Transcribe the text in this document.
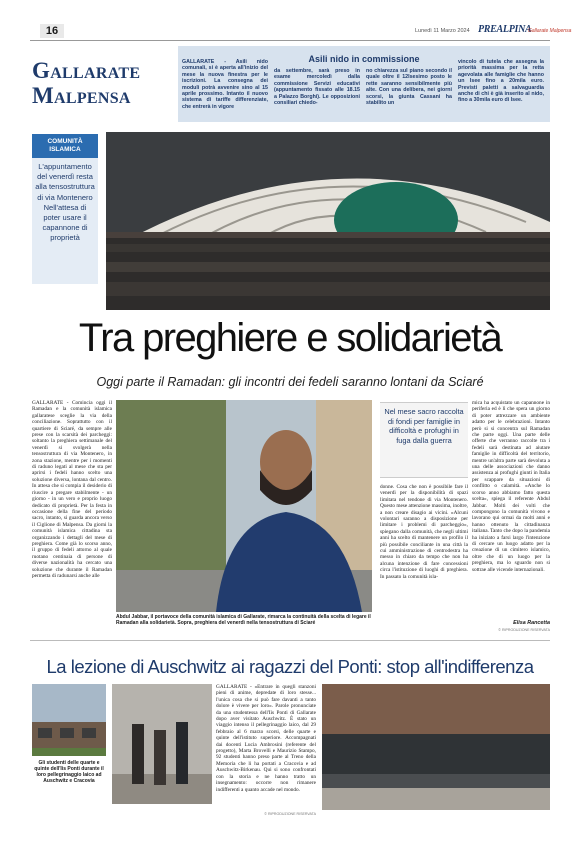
16	Lunedì 11 Marzo 2024 PREALPINA
Gallarate Malpensa
Gallarate
Malpensa
Asili nido in commissione
GALLARATE - Asili nido comunali, si è aperta all'inizio del mese la nuova finestra per le iscrizioni. La consegna dei moduli potrà avvenire sino al 15 aprile prossimo. Intanto il nuovo sistema di tariffe differenziate, che entrerà in vigore
da settembre, sarà preso in esame mercoledì dalla commissione Servizi educativi (appuntamento fissato alle 18.15 a Palazzo Borghi). Le opposizioni consiliari chiedo-
no chiarezza sul piano secondo il quale oltre il 12Isesimo posto le rette saranno sensibilmente più alte. Con una delibera, nei giorni scorsi, la giunta Cassani ha stabilito un
vincolo di tutela che assegna la priorità massima per la retta agevolata alle famiglie che hanno un Isee fino a 20mila euro. Previsti paletti a salvaguardia anche di chi è già inserito al nido, fino a 30mila euro di Isee.
COMUNITÀ ISLAMICA
L'appuntamento del venerdì resta alla tensostruttura di via Montenero Nell'attesa di poter usare il capannone di proprietà
Tra preghiere e solidarietà
Oggi parte il Ramadan: gli incontri dei fedeli saranno lontani da Sciaré
GALLARATE - Comincia oggi il Ramadan e la comunità islamica gallaratese sceglie la via della conciliazione. Soprattutto con il quartiere di Sciaré, da sempre alle prese con la scarsità dei parcheggi: soltanto la preghiera settimanale del venerdì si svolgerà nella tensostruttura di via Montenero, in zona stazione, mentre per i momenti di raduno legati al mese che sta per aprirsi i fedeli hanno scelto una soluzione diversa, lontana dal centro. In attesa che si compia il desiderio di riuscire a pregare stabilmente - un giorno - in un vero e proprio luogo dedicato di proprietà. Per la festa in occasione della fine del periodo sacro, intanto, si guarda ancora verso il Ciglione di Malpensa. Da giorni la comunità islamica cittadina sta organizzando i dettagli del mese di preghiera. Come già lo scorso anno, il gruppo di fedeli attorno al quale ruotano centinaia di persone di diverse nazionalità ha cercato una soluzione che durante il Ramadan permetta di radunarsi anche alle
Abdul Jabbar, il portavoce della comunità islamica di Gallarate, rimarca la continuità della scelta di legare il Ramadan alla solidarietà. Sopra, preghiera del venerdì nella tensostruttura di Sciaré
Nel mese sacro raccolta di fondi per famiglie in difficoltà e profughi in fuga dalla guerra
donne. Cosa che non è possibile fare il venerdì per la disponibilità di spazi limitata nel tendone di via Montenero. Questo mese attenzione massima, inoltre, a non creare disagio ai vicini. «Alcuni volontari saranno a disposizione per limitare i problemi di parcheggio», spiegano dalla comunità, che negli ultimi anni ha scelto di mantenere un profilo il più possibile conciliante in una città la cui amministrazione di centrodestra ha messo in chiaro da tempo che non ha alcuna intenzione di fare concessioni circa l'istituzione di luoghi di preghiera. In passato la comunità isla-
mica ha acquistato un capannone in periferia ed è lì che spera un giorno di poter attrezzare un ambiente adatto per le celebrazioni. Intanto però si si concentra sul Ramadan che parte oggi. Una parte delle offerte che verranno raccolte tra i fedeli sarà destinata ad aiutare famiglie in difficoltà del territorio, mentre un'altra parte sarà devoluta a una delle associazioni che danno assistenza ai profughi giunti in Italia per scappare da situazioni di conflitto o calamità. «Anche lo scorso anno abbiamo fatto questa scelta», spiega il referente Abdul Jabbar. Molti dei volti che compongono la comunità vivono e lavorano qui ormai da molti anni e hanno ottenuto la cittadinanza italiana. Tanto che dopo la pandemia ha iniziato a farsi largo l'intenzione di cercare un luogo adatto per la creazione di un cimitero islamico, oltre che di un luogo per la preghiera, ma lo sguardo non si sottrae alle vicende internazionali.
Elisa Rancetta
© RIPRODUZIONE RISERVATA
La lezione di Auschwitz ai ragazzi del Ponti: stop all'indifferenza
Gli studenti delle quarte e quinte dell'Iis Ponti durante il loro pellegrinaggio laico ad Auschwitz e Cracovia
GALLARATE - «Entrare in quegli stanzoni pieni di anime, depredate di loro stesse... l'unica cosa che si può fare davanti a tanto dolore è vivere per loro». Parole pronunciate da una studentessa dell'Iis Ponti di Gallarate dopo aver visitato Auschwitz. È stato un viaggio intenso il pellegrinaggio laico, dal 29 febbraio al 6 marzo scorsi, delle quarte e quinte dell'istituto superiore. Accompagnati dai docenti Lucia Ambrosini (referente del progetto), Marta Brovelli e Maurizio Stampo, 92 studenti hanno preso parte al Treno della Memoria che li ha portati a Cracovia e ad Auschwitz-Birkenau. Qui si sono confrontati con la storia e ne hanno tratto un insegnamento: occorre non rimanere indifferenti a quanto accade nel mondo.
© RIPRODUZIONE RISERVATA
